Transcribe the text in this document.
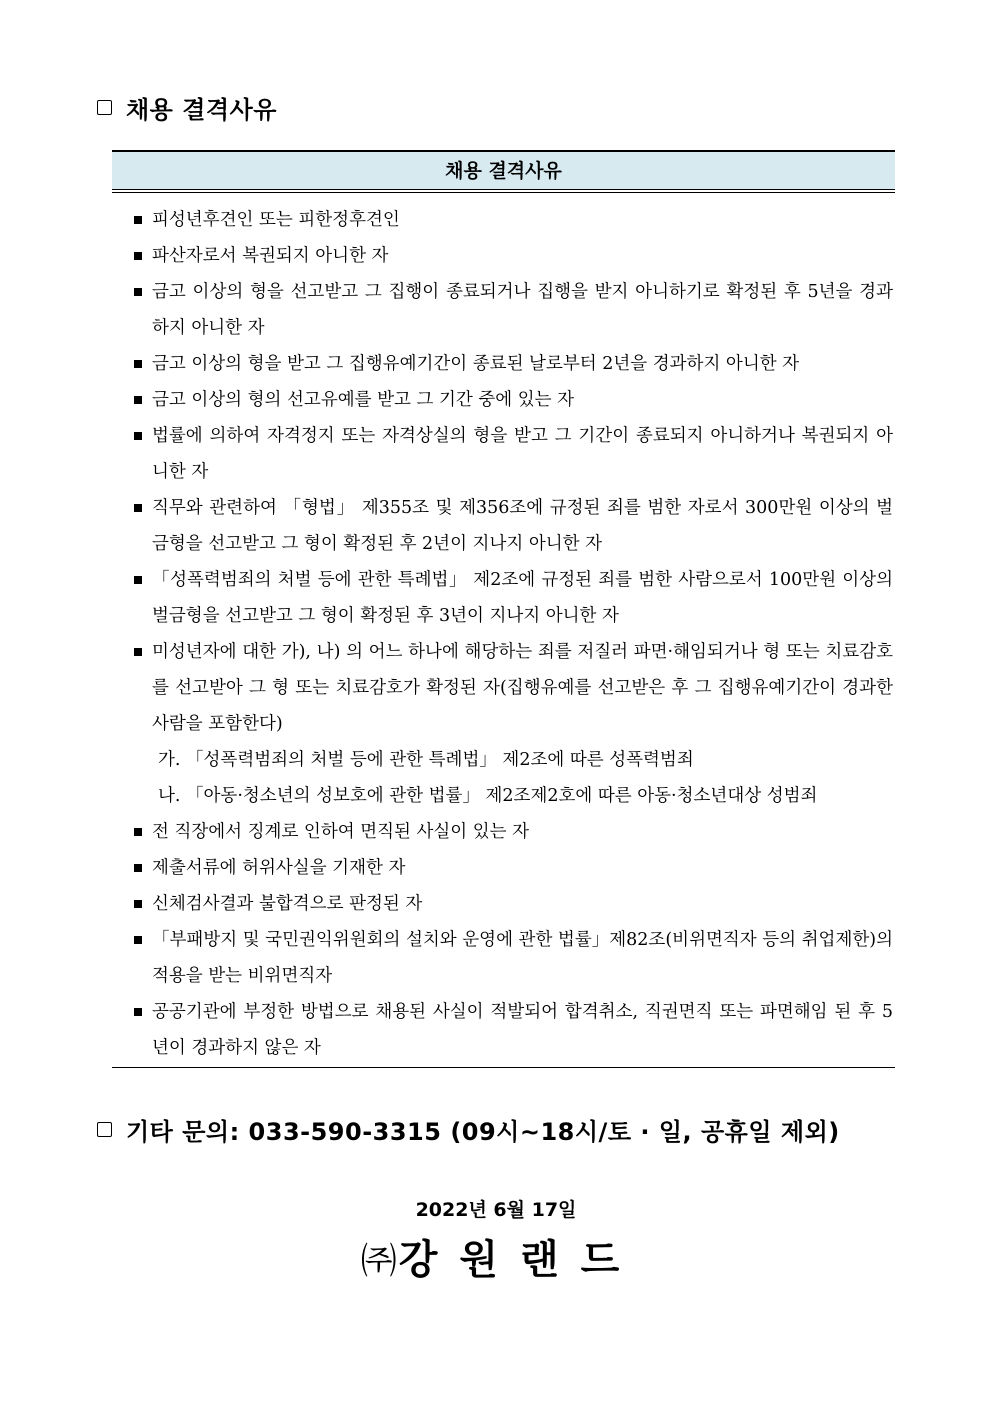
채용 결격사유
채용 결격사유
피성년후견인 또는 피한정후견인
파산자로서 복권되지 아니한 자
금고 이상의 형을 선고받고 그 집행이 종료되거나 집행을 받지 아니하기로 확정된 후 5년을 경과하지 아니한 자
금고 이상의 형을 받고 그 집행유예기간이 종료된 날로부터 2년을 경과하지 아니한 자
금고 이상의 형의 선고유예를 받고 그 기간 중에 있는 자
법률에 의하여 자격정지 또는 자격상실의 형을 받고 그 기간이 종료되지 아니하거나 복권되지 아니한 자
직무와 관련하여 「형법」 제355조 및 제356조에 규정된 죄를 범한 자로서 300만원 이상의 벌금형을 선고받고 그 형이 확정된 후 2년이 지나지 아니한 자
「성폭력범죄의 처벌 등에 관한 특례법」 제2조에 규정된 죄를 범한 사람으로서 100만원 이상의 벌금형을 선고받고 그 형이 확정된 후 3년이 지나지 아니한 자
미성년자에 대한 가), 나) 의 어느 하나에 해당하는 죄를 저질러 파면·해임되거나 형 또는 치료감호를 선고받아 그 형 또는 치료감호가 확정된 자(집행유예를 선고받은 후 그 집행유예기간이 경과한 사람을 포함한다)
가. 「성폭력범죄의 처벌 등에 관한 특례법」 제2조에 따른 성폭력범죄
나. 「아동·청소년의 성보호에 관한 법률」 제2조제2호에 따른 아동·청소년대상 성범죄
전 직장에서 징계로 인하여 면직된 사실이 있는 자
제출서류에 허위사실을 기재한 자
신체검사결과 불합격으로 판정된 자
「부패방지 및 국민권익위원회의 설치와 운영에 관한 법률」제82조(비위면직자 등의 취업제한)의 적용을 받는 비위면직자
공공기관에 부정한 방법으로 채용된 사실이 적발되어 합격취소, 직권면직 또는 파면해임 된 후 5년이 경과하지 않은 자
기타 문의: 033-590-3315 (09시~18시/토 · 일, 공휴일 제외)
2022년 6월 17일
㈜강원랜드
